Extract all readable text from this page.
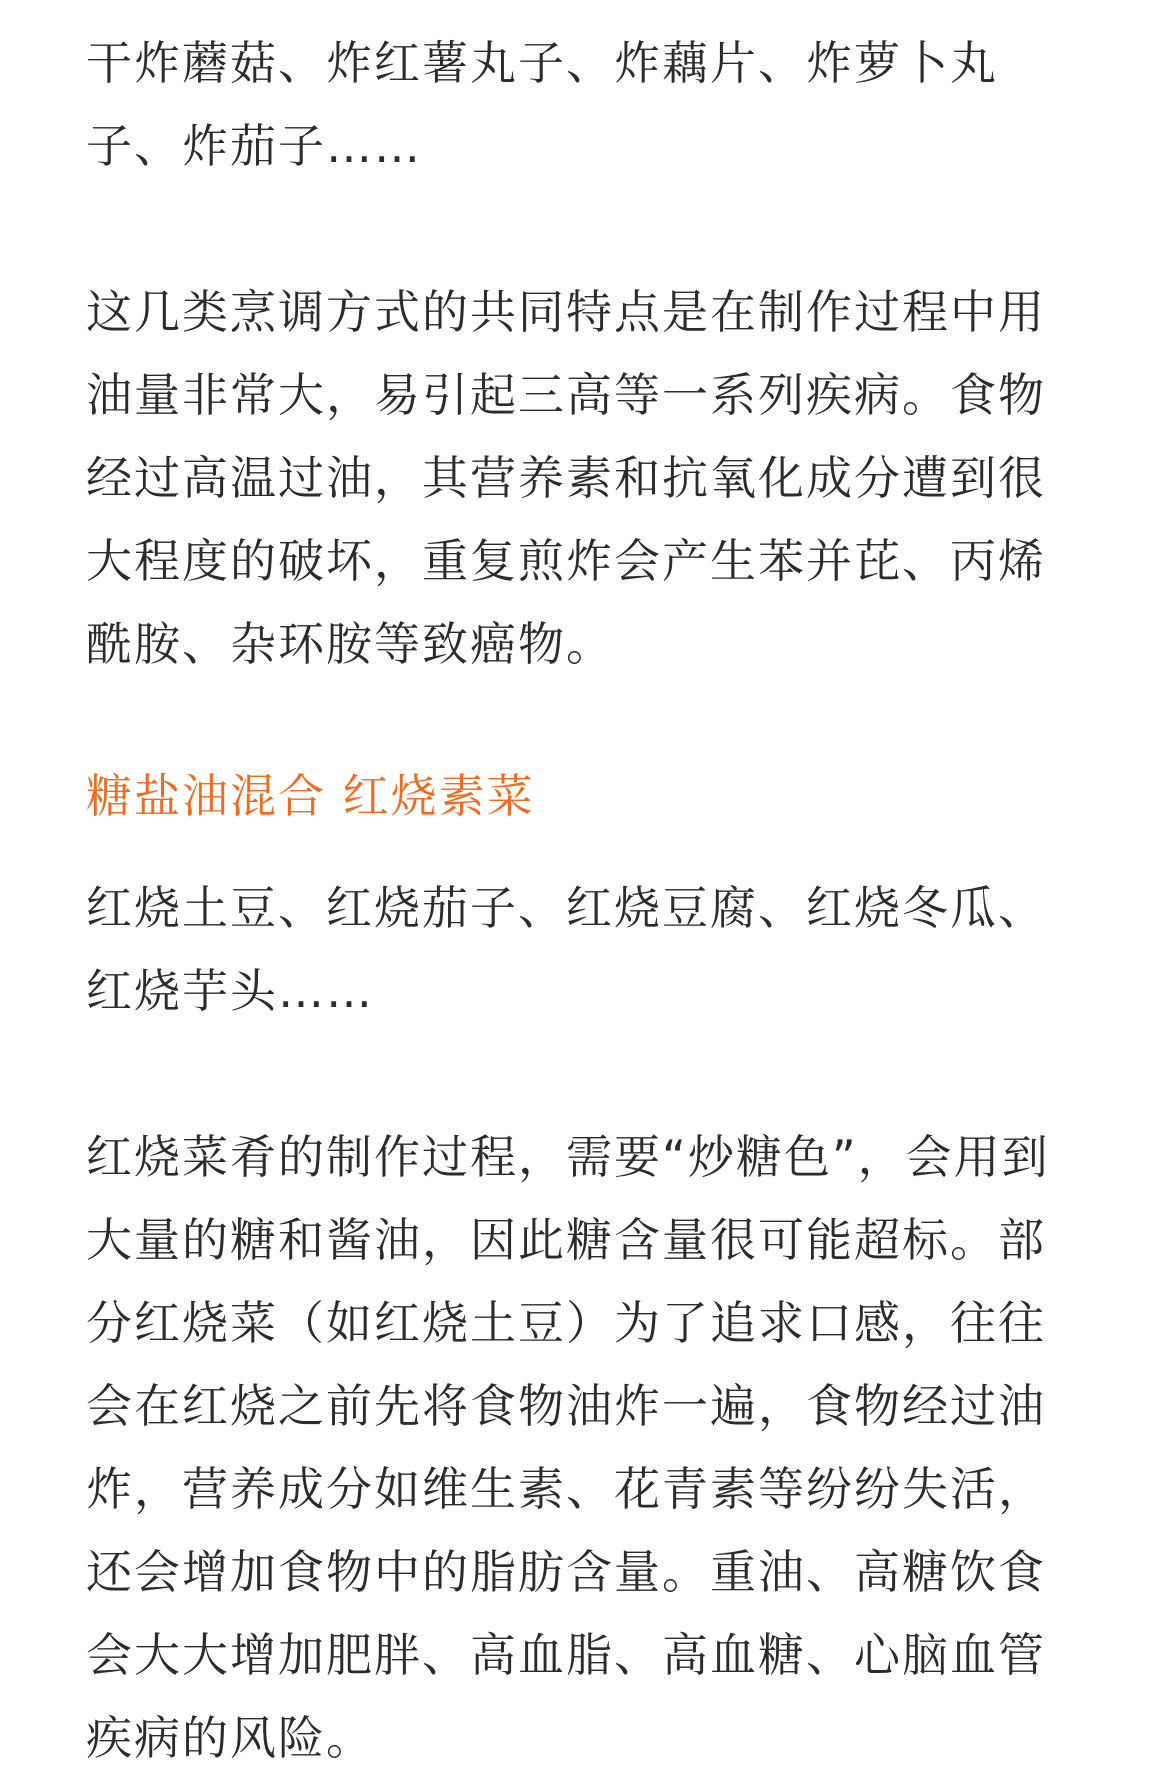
干炸蘑菇、炸红薯丸子、炸藕片、炸萝卜丸
子、炸茄子……
这几类烹调方式的共同特点是在制作过程中用
油量非常大，易引起三高等一系列疾病。食物
经过高温过油，其营养素和抗氧化成分遭到很
大程度的破坏，重复煎炸会产生苯并芘、丙烯
酰胺、杂环胺等致癌物。
糖盐油混合 红烧素菜
红烧土豆、红烧茄子、红烧豆腐、红烧冬瓜、
红烧芋头……
红烧菜肴的制作过程，需要“炒糖色”，会用到
大量的糖和酱油，因此糖含量很可能超标。部
分红烧菜（如红烧土豆）为了追求口感，往往
会在红烧之前先将食物油炸一遍，食物经过油
炸，营养成分如维生素、花青素等纷纷失活，
还会增加食物中的脂肪含量。重油、高糖饮食
会大大增加肥胖、高血脂、高血糖、心脑血管
疾病的风险。
